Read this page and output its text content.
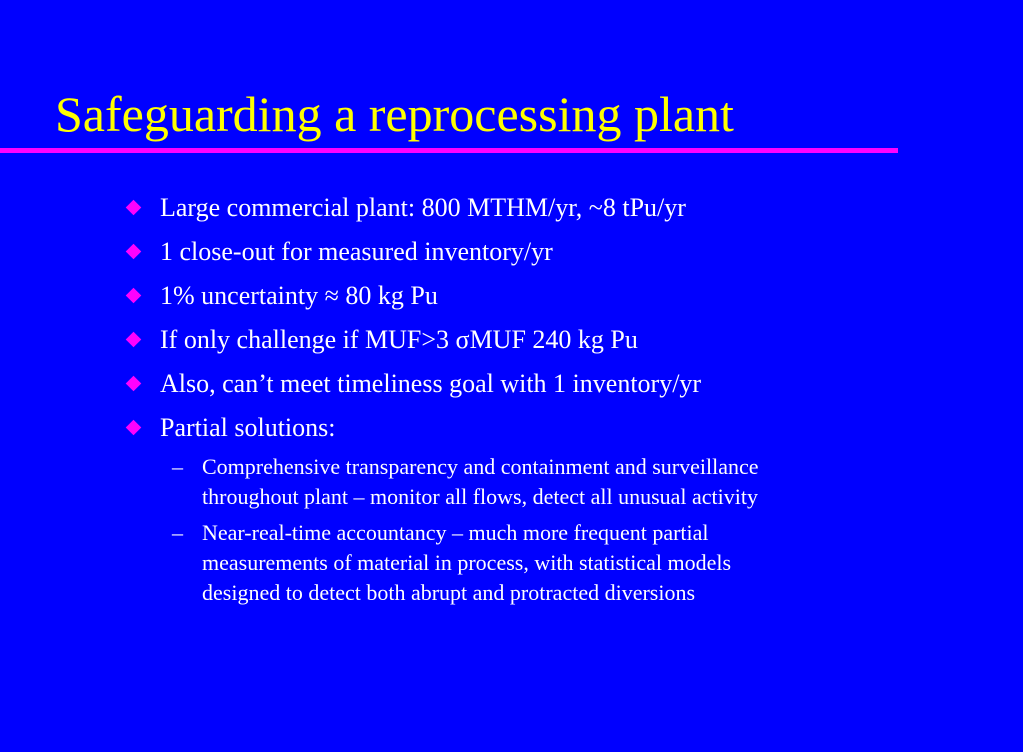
Safeguarding a reprocessing plant
Large commercial plant: 800 MTHM/yr, ~8 tPu/yr
1 close-out for measured inventory/yr
1% uncertainty ≈ 80 kg Pu
If only challenge if MUF>3 σMUF 240 kg Pu
Also, can’t meet timeliness goal with 1 inventory/yr
Partial solutions:
– Comprehensive transparency and containment and surveillance
throughout plant – monitor all flows, detect all unusual activity
– Near-real-time accountancy – much more frequent partial
measurements of material in process, with statistical models
designed to detect both abrupt and protracted diversions
